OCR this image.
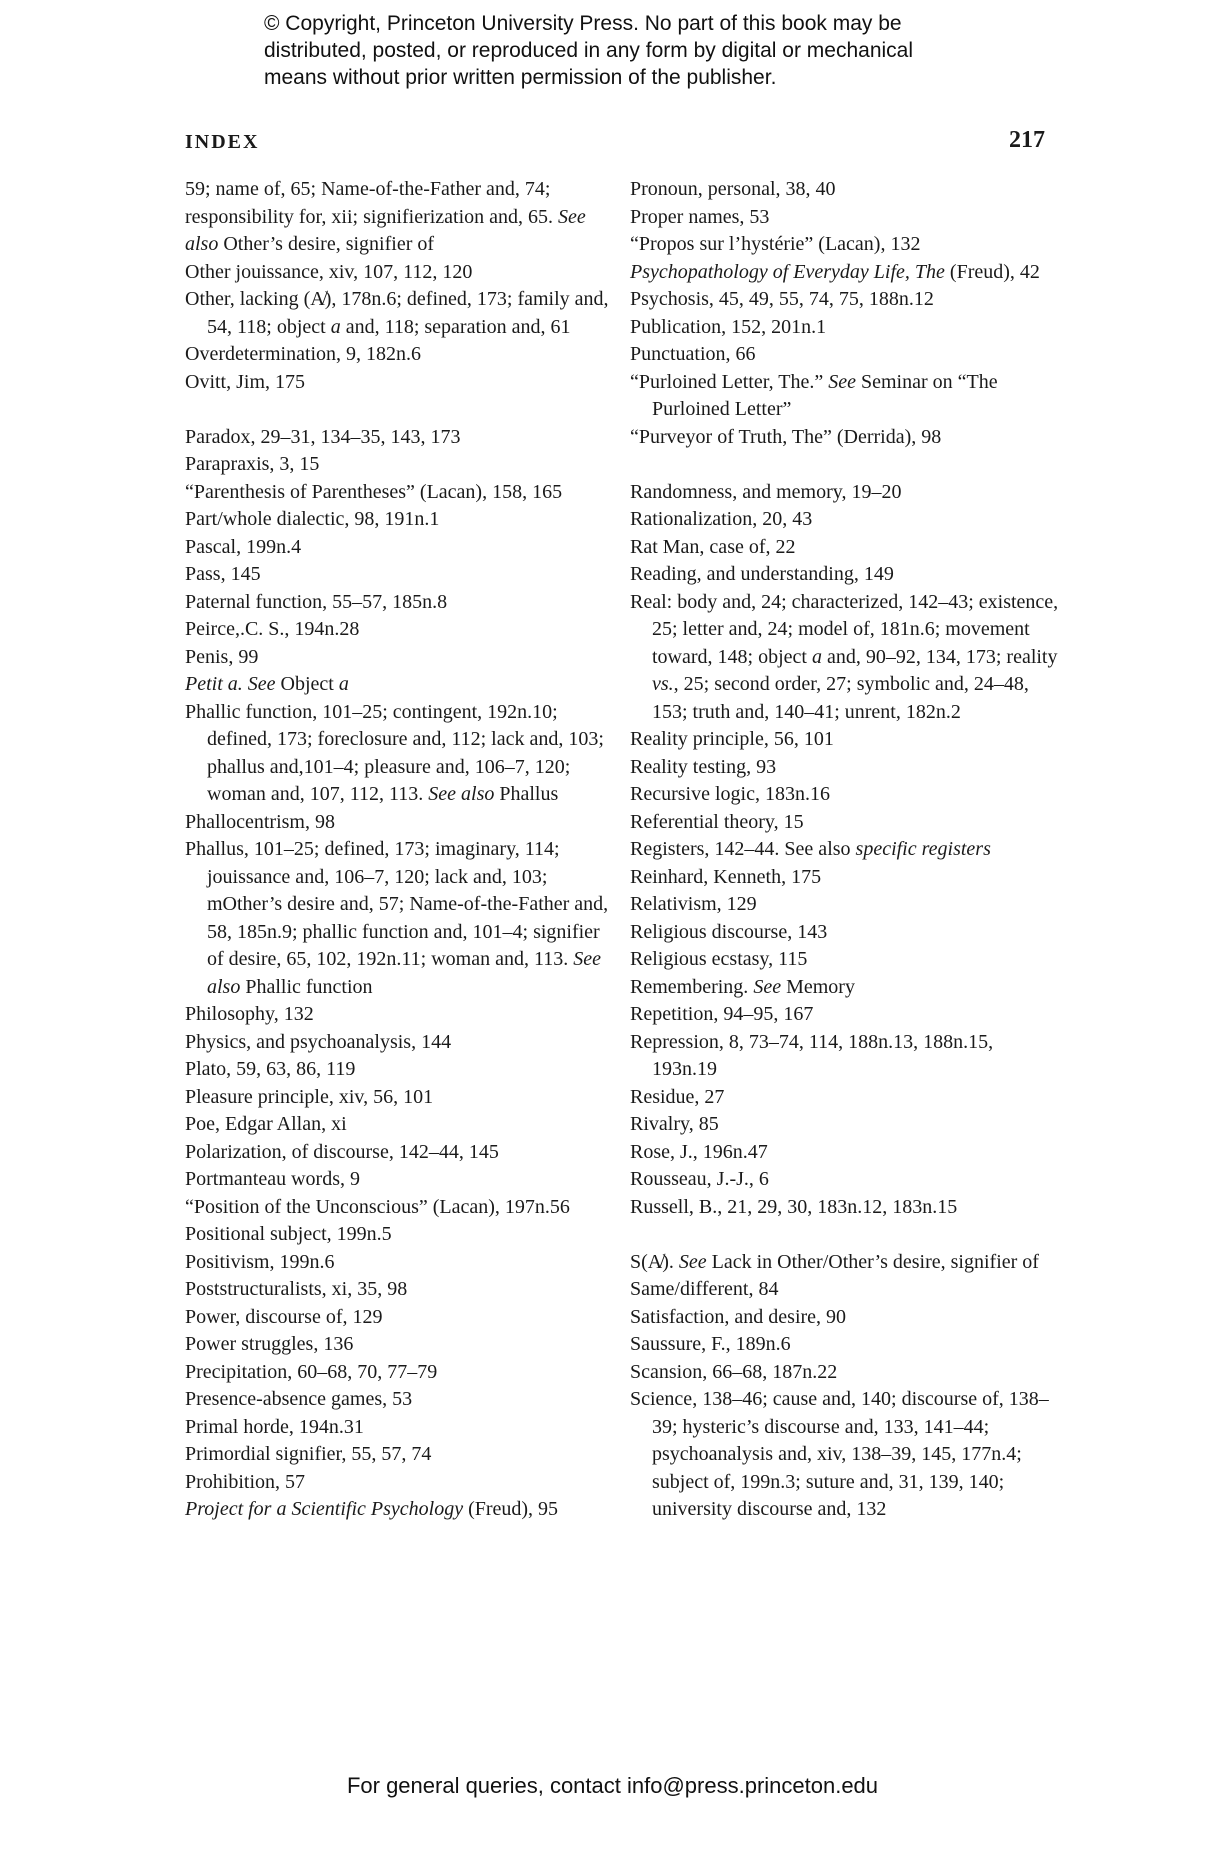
© Copyright, Princeton University Press. No part of this book may be
distributed, posted, or reproduced in any form by digital or mechanical
means without prior written permission of the publisher.
INDEX	217

59; name of, 65; Name-of-the-Father and, 74; responsibility for, xii; signifierization and, 65. See also Other’s desire, signifier of

Other jouissance, xiv, 107, 112, 120

Other, lacking (A̸), 178n.6; defined, 173; family and, 54, 118; object a and, 118; separation and, 61

Overdetermination, 9, 182n.6

Ovitt, Jim, 175

Paradox, 29–31, 134–35, 143, 173

Parapraxis, 3, 15

“Parenthesis of Parentheses” (Lacan), 158, 165

Part/whole dialectic, 98, 191n.1

Pascal, 199n.4

Pass, 145

Paternal function, 55–57, 185n.8

Peirce,.C. S., 194n.28

Penis, 99

Petit a. See Object a

Phallic function, 101–25; contingent, 192n.10; defined, 173; foreclosure and, 112; lack and, 103; phallus and,101–4; pleasure and, 106–7, 120; woman and, 107, 112, 113. See also Phallus

Phallocentrism, 98

Phallus, 101–25; defined, 173; imaginary, 114; jouissance and, 106–7, 120; lack and, 103; mOther’s desire and, 57; Name-of-the-Father and, 58, 185n.9; phallic function and, 101–4; signifier of desire, 65, 102, 192n.11; woman and, 113. See also Phallic function

Philosophy, 132

Physics, and psychoanalysis, 144

Plato, 59, 63, 86, 119

Pleasure principle, xiv, 56, 101

Poe, Edgar Allan, xi

Polarization, of discourse, 142–44, 145

Portmanteau words, 9

“Position of the Unconscious” (Lacan), 197n.56

Positional subject, 199n.5

Positivism, 199n.6

Poststructuralists, xi, 35, 98

Power, discourse of, 129

Power struggles, 136

Precipitation, 60–68, 70, 77–79

Presence-absence games, 53

Primal horde, 194n.31

Primordial signifier, 55, 57, 74

Prohibition, 57

Project for a Scientific Psychology (Freud), 95

Pronoun, personal, 38, 40

Proper names, 53

“Propos sur l’hystérie” (Lacan), 132

Psychopathology of Everyday Life, The (Freud), 42

Psychosis, 45, 49, 55, 74, 75, 188n.12

Publication, 152, 201n.1

Punctuation, 66

“Purloined Letter, The.” See Seminar on “The Purloined Letter”

“Purveyor of Truth, The” (Derrida), 98

Randomness, and memory, 19–20

Rationalization, 20, 43

Rat Man, case of, 22

Reading, and understanding, 149

Real: body and, 24; characterized, 142–43; existence, 25; letter and, 24; model of, 181n.6; movement toward, 148; object a and, 90–92, 134, 173; reality vs., 25; second order, 27; symbolic and, 24–48, 153; truth and, 140–41; unrent, 182n.2

Reality principle, 56, 101

Reality testing, 93

Recursive logic, 183n.16

Referential theory, 15

Registers, 142–44. See also specific registers

Reinhard, Kenneth, 175

Relativism, 129

Religious discourse, 143

Religious ecstasy, 115

Remembering. See Memory

Repetition, 94–95, 167

Repression, 8, 73–74, 114, 188n.13, 188n.15, 193n.19

Residue, 27

Rivalry, 85

Rose, J., 196n.47

Rousseau, J.-J., 6

Russell, B., 21, 29, 30, 183n.12, 183n.15

S(A̸). See Lack in Other/Other’s desire, signifier of

Same/different, 84

Satisfaction, and desire, 90

Saussure, F., 189n.6

Scansion, 66–68, 187n.22

Science, 138–46; cause and, 140; discourse of, 138–39; hysteric’s discourse and, 133, 141–44; psychoanalysis and, xiv, 138–39, 145, 177n.4; subject of, 199n.3; suture and, 31, 139, 140; university discourse and, 132

For general queries, contact info@press.princeton.edu
